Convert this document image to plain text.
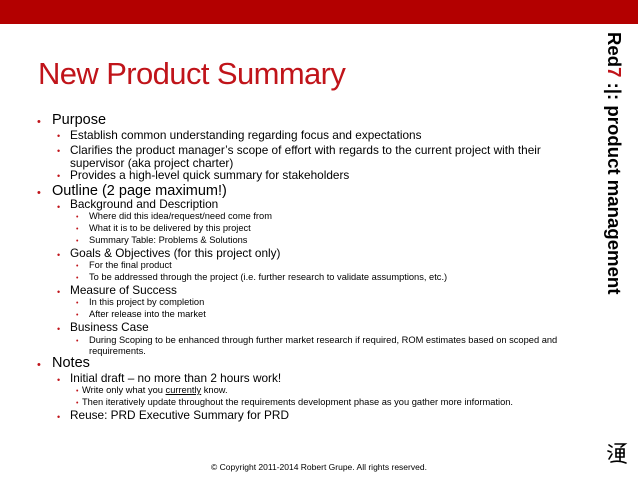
New Product Summary
Red7 :|: product management
• Purpose
• Establish common understanding regarding focus and expectations
• Clarifies the product manager’s scope of effort with regards to the current project with their supervisor (aka project charter)
• Provides a high-level quick summary for stakeholders
• Outline (2 page maximum!)
• Background and Description
• Where did this idea/request/need come from
• What it is to be delivered by this project
• Summary Table: Problems & Solutions
• Goals & Objectives (for this project only)
• For the final product
• To be addressed through the project (i.e. further research to validate assumptions, etc.)
• Measure of Success
• In this project by completion
• After release into the market
• Business Case
• During Scoping to be enhanced through further market research if required, ROM estimates based on scoped and requirements.
• Notes
• Initial draft – no more than 2 hours work!
• Write only what you currently know.
• Then iteratively update throughout the requirements development phase as you gather more information.
• Reuse: PRD Executive Summary for PRD
© Copyright 2011-2014 Robert Grupe. All rights reserved.
